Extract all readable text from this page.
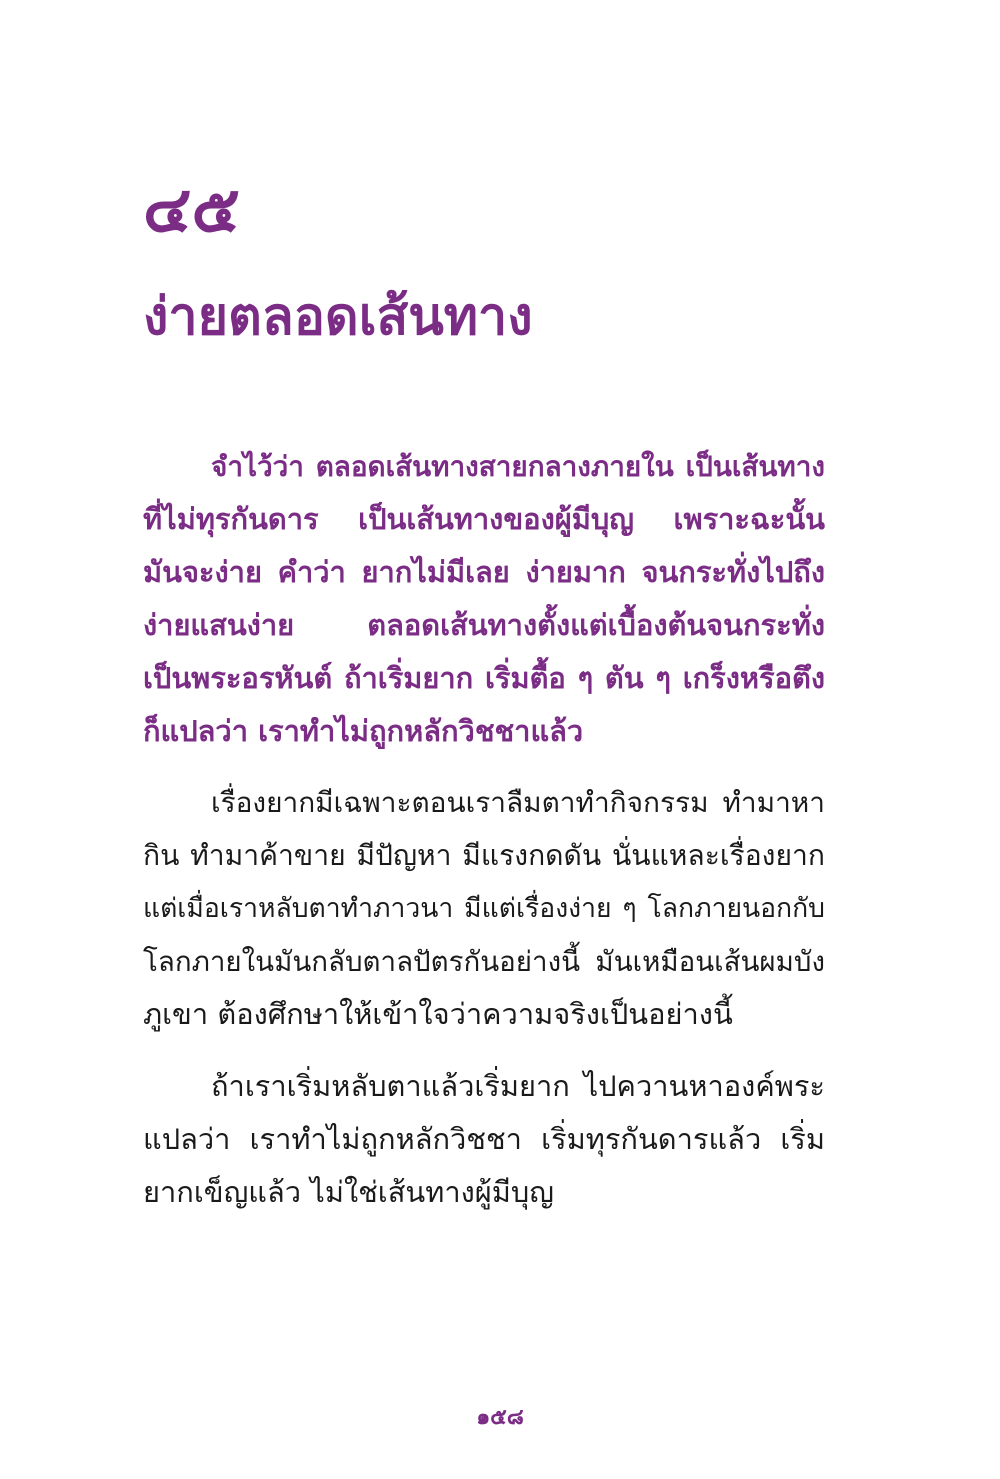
๔๕
ง่ายตลอดเส้นทาง

จำไว้ว่า ตลอดเส้นทางสายกลางภายใน เป็นเส้นทาง
ที่ไม่ทุรกันดาร เป็นเส้นทางของผู้มีบุญ เพราะฉะนั้น
มันจะง่าย คำว่า ยากไม่มีเลย ง่ายมาก จนกระทั่งไปถึง
ง่ายแสนง่าย ตลอดเส้นทางตั้งแต่เบื้องต้นจนกระทั่ง
เป็นพระอรหันต์ ถ้าเริ่มยาก เริ่มตื้อ ๆ ตัน ๆ เกร็งหรือตึง
ก็แปลว่า เราทำไม่ถูกหลักวิชชาแล้ว

เรื่องยากมีเฉพาะตอนเราลืมตาทำกิจกรรม ทำมาหา
กิน ทำมาค้าขาย มีปัญหา มีแรงกดดัน นั่นแหละเรื่องยาก
แต่เมื่อเราหลับตาทำภาวนา มีแต่เรื่องง่าย ๆ โลกภายนอกกับ
โลกภายในมันกลับตาลปัตรกันอย่างนี้ มันเหมือนเส้นผมบัง
ภูเขา ต้องศึกษาให้เข้าใจว่าความจริงเป็นอย่างนี้

ถ้าเราเริ่มหลับตาแล้วเริ่มยาก ไปควานหาองค์พระ
แปลว่า เราทำไม่ถูกหลักวิชชา เริ่มทุรกันดารแล้ว เริ่ม
ยากเข็ญแล้ว ไม่ใช่เส้นทางผู้มีบุญ

๑๕๘
